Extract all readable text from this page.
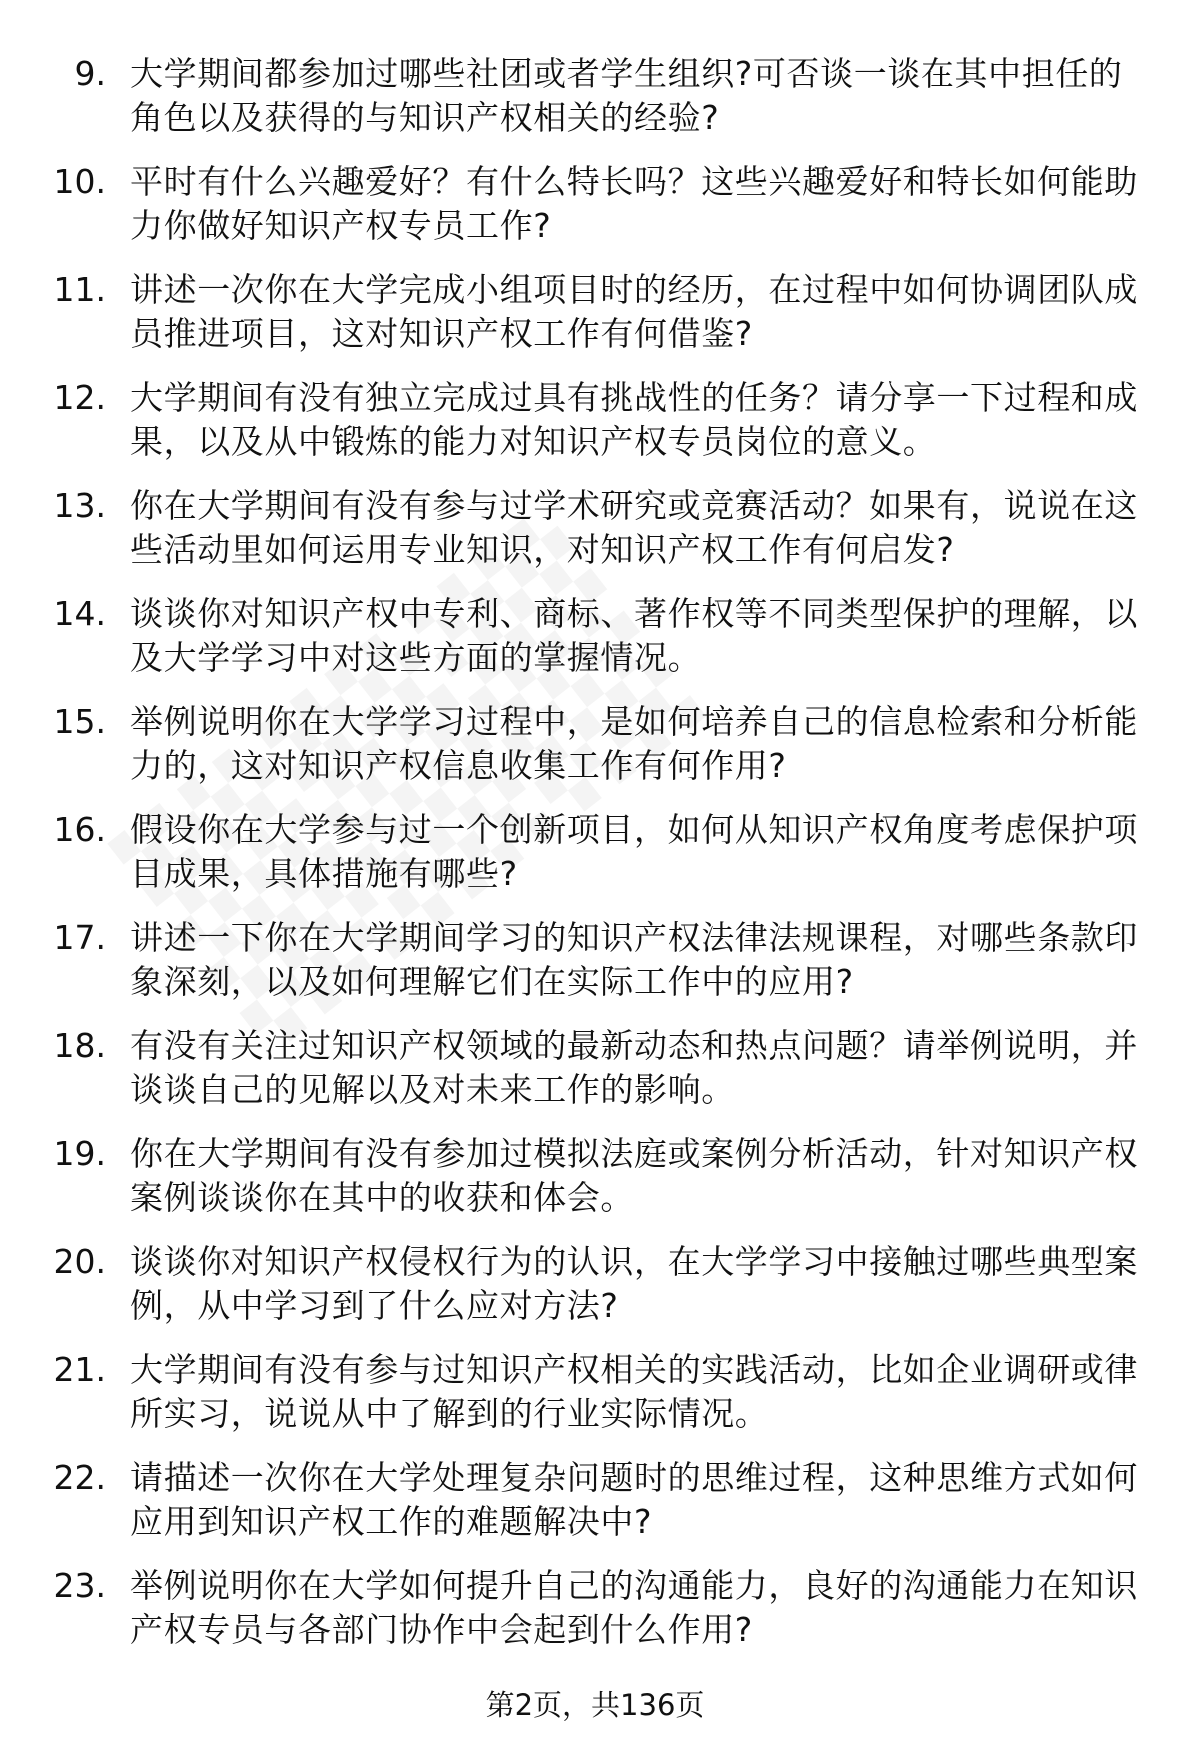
9. 大学期间都参加过哪些社团或者学生组织?可否谈一谈在其中担任的角色以及获得的与知识产权相关的经验?
10. 平时有什么兴趣爱好？有什么特长吗？这些兴趣爱好和特长如何能助力你做好知识产权专员工作?
11. 讲述一次你在大学完成小组项目时的经历，在过程中如何协调团队成员推进项目，这对知识产权工作有何借鉴?
12. 大学期间有没有独立完成过具有挑战性的任务？请分享一下过程和成果，以及从中锻炼的能力对知识产权专员岗位的意义。
13. 你在大学期间有没有参与过学术研究或竞赛活动？如果有，说说在这些活动里如何运用专业知识，对知识产权工作有何启发?
14. 谈谈你对知识产权中专利、商标、著作权等不同类型保护的理解，以及大学学习中对这些方面的掌握情况。
15. 举例说明你在大学学习过程中，是如何培养自己的信息检索和分析能力的，这对知识产权信息收集工作有何作用?
16. 假设你在大学参与过一个创新项目，如何从知识产权角度考虑保护项目成果，具体措施有哪些?
17. 讲述一下你在大学期间学习的知识产权法律法规课程，对哪些条款印象深刻，以及如何理解它们在实际工作中的应用?
18. 有没有关注过知识产权领域的最新动态和热点问题？请举例说明，并谈谈自己的见解以及对未来工作的影响。
19. 你在大学期间有没有参加过模拟法庭或案例分析活动，针对知识产权案例谈谈你在其中的收获和体会。
20. 谈谈你对知识产权侵权行为的认识，在大学学习中接触过哪些典型案例，从中学习到了什么应对方法?
21. 大学期间有没有参与过知识产权相关的实践活动，比如企业调研或律所实习，说说从中了解到的行业实际情况。
22. 请描述一次你在大学处理复杂问题时的思维过程，这种思维方式如何应用到知识产权工作的难题解决中?
23. 举例说明你在大学如何提升自己的沟通能力，良好的沟通能力在知识产权专员与各部门协作中会起到什么作用?
第2页，共136页
